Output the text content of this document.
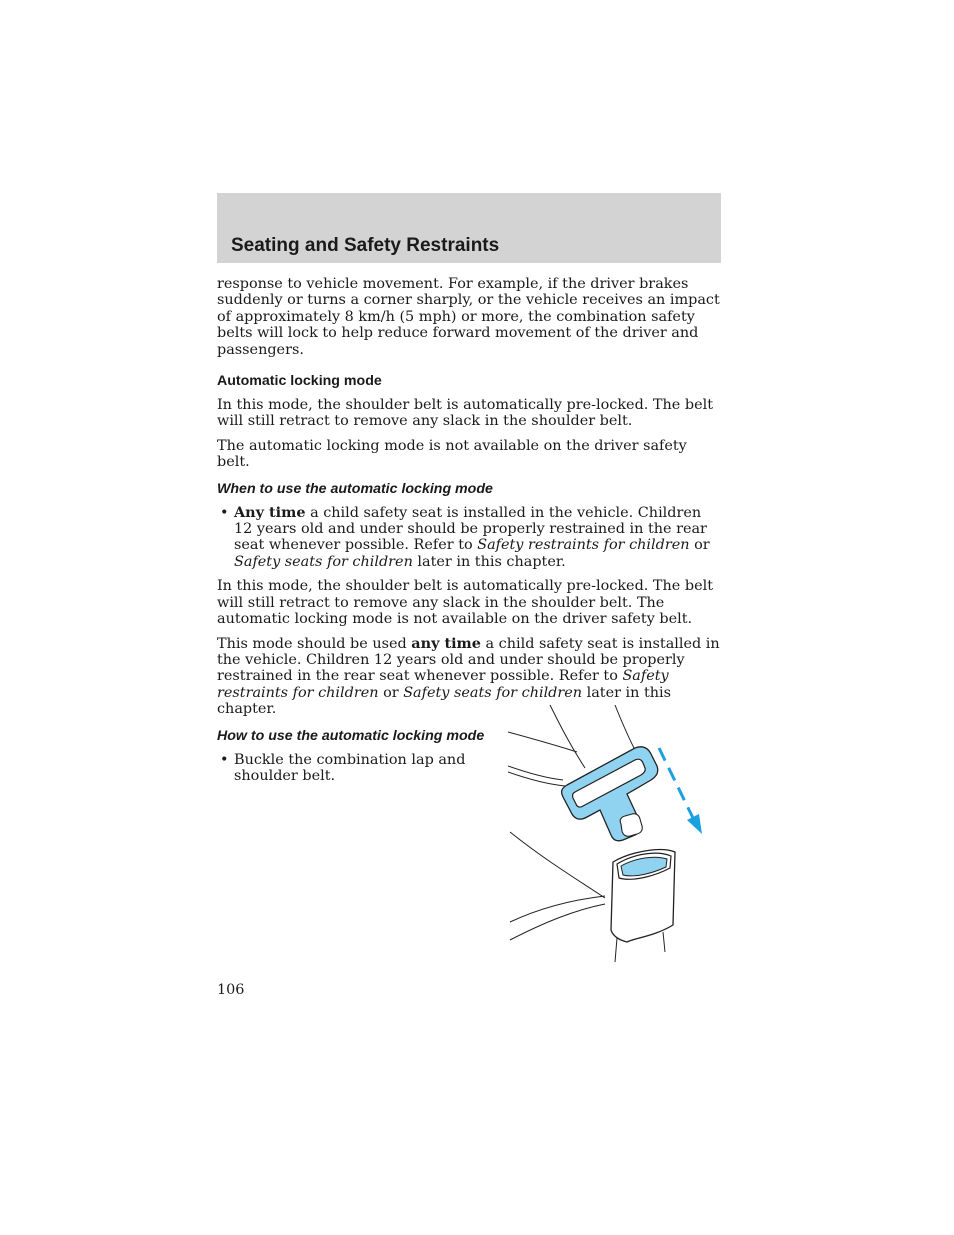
Seating and Safety Restraints

response to vehicle movement. For example, if the driver brakes suddenly or turns a corner sharply, or the vehicle receives an impact of approximately 8 km/h (5 mph) or more, the combination safety belts will lock to help reduce forward movement of the driver and passengers.

Automatic locking mode

In this mode, the shoulder belt is automatically pre-locked. The belt will still retract to remove any slack in the shoulder belt.

The automatic locking mode is not available on the driver safety belt.

When to use the automatic locking mode
• Any time a child safety seat is installed in the vehicle. Children 12 years old and under should be properly restrained in the rear seat whenever possible. Refer to Safety restraints for children or Safety seats for children later in this chapter.

In this mode, the shoulder belt is automatically pre-locked. The belt will still retract to remove any slack in the shoulder belt. The automatic locking mode is not available on the driver safety belt.

This mode should be used any time a child safety seat is installed in the vehicle. Children 12 years old and under should be properly restrained in the rear seat whenever possible. Refer to Safety restraints for children or Safety seats for children later in this chapter.

How to use the automatic locking mode
• Buckle the combination lap and shoulder belt.
106
